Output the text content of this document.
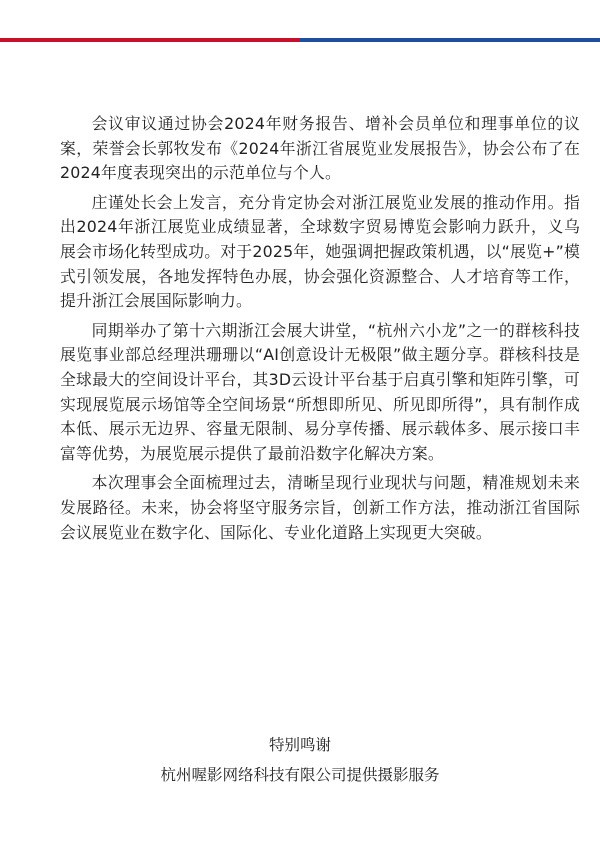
会议审议通过协会2024年财务报告、增补会员单位和理事单位的议案，荣誉会长郭牧发布《2024年浙江省展览业发展报告》，协会公布了在2024年度表现突出的示范单位与个人。

庄谨处长会上发言，充分肯定协会对浙江展览业发展的推动作用。指出2024年浙江展览业成绩显著，全球数字贸易博览会影响力跃升，义乌展会市场化转型成功。对于2025年，她强调把握政策机遇，以“展览+”模式引领发展，各地发挥特色办展，协会强化资源整合、人才培育等工作，提升浙江会展国际影响力。

同期举办了第十六期浙江会展大讲堂，“杭州六小龙”之一的群核科技展览事业部总经理洪珊珊以“AI创意设计无极限”做主题分享。群核科技是全球最大的空间设计平台，其3D云设计平台基于启真引擎和矩阵引擎，可实现展览展示场馆等全空间场景“所想即所见、所见即所得”，具有制作成本低、展示无边界、容量无限制、易分享传播、展示载体多、展示接口丰富等优势，为展览展示提供了最前沿数字化解决方案。

本次理事会全面梳理过去，清晰呈现行业现状与问题，精准规划未来发展路径。未来，协会将坚守服务宗旨，创新工作方法，推动浙江省国际会议展览业在数字化、国际化、专业化道路上实现更大突破。

特别鸣谢
杭州喔影网络科技有限公司提供摄影服务
